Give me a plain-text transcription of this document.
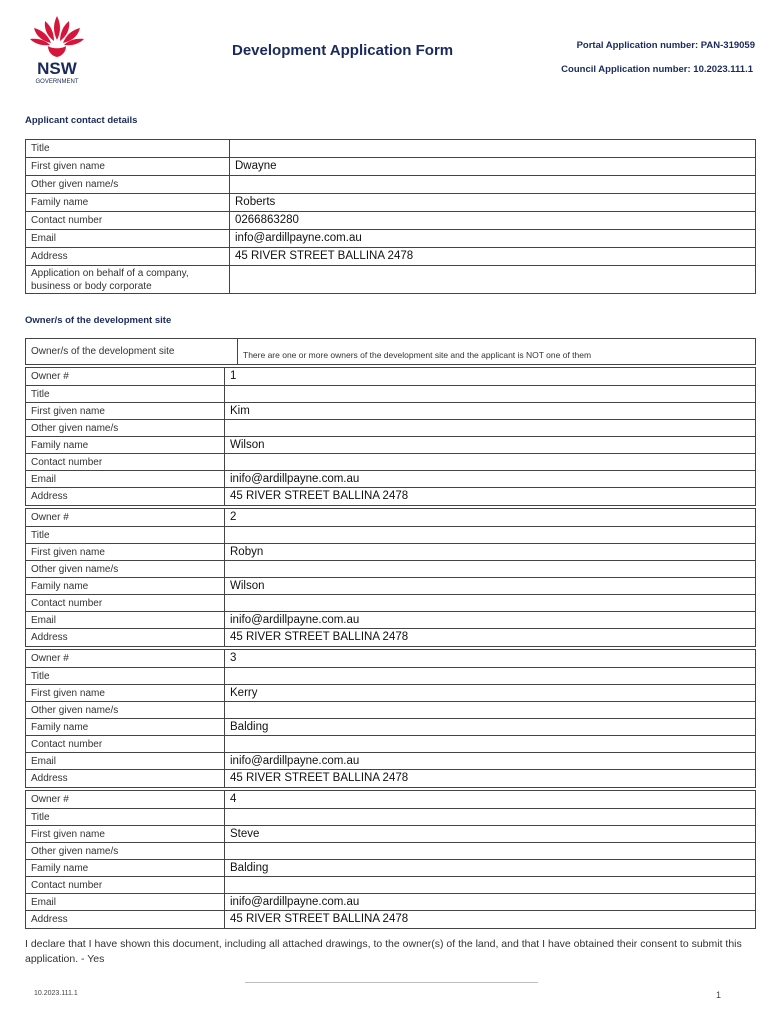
NSW
GOVERNMENT
Development Application Form	Portal Application number: PAN-319059
Council Application number: 10.2023.111.1
Applicant contact details
Title	
First given name	Dwayne
Other given name/s	
Family name	Roberts
Contact number	0266863280
Email	info@ardillpayne.com.au
Address	45 RIVER STREET BALLINA 2478
Application on behalf of a company, business or body corporate	
Owner/s of the development site
Owner/s of the development site	There are one or more owners of the development site and the applicant is NOT one of them
Owner #	1
Title	
First given name	Kim
Other given name/s	
Family name	Wilson
Contact number	
Email	inifo@ardillpayne.com.au
Address	45 RIVER STREET BALLINA 2478
Owner #	2
Title	
First given name	Robyn
Other given name/s	
Family name	Wilson
Contact number	
Email	inifo@ardillpayne.com.au
Address	45 RIVER STREET BALLINA 2478
Owner #	3
Title	
First given name	Kerry
Other given name/s	
Family name	Balding
Contact number	
Email	inifo@ardillpayne.com.au
Address	45 RIVER STREET BALLINA 2478
Owner #	4
Title	
First given name	Steve
Other given name/s	
Family name	Balding
Contact number	
Email	inifo@ardillpayne.com.au
Address	45 RIVER STREET BALLINA 2478
I declare that I have shown this document, including all attached drawings, to the owner(s) of the land, and that I have obtained their consent to submit this application. - Yes
10.2023.111.1	1
